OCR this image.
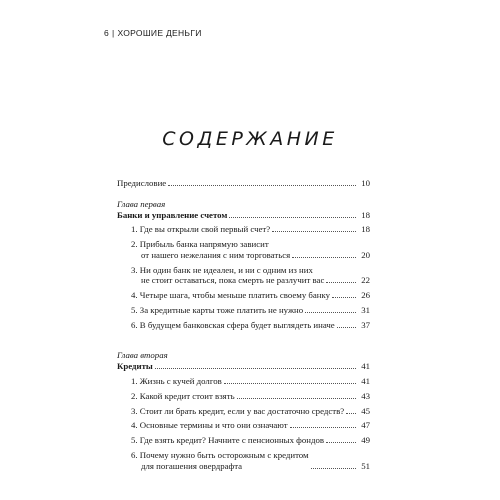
6 | ХОРОШИЕ ДЕНЬГИ
СОДЕРЖАНИЕ
Предисловие	10
Глава первая
Банки и управление счетом	18
1. Где вы открыли свой первый счет?	18
2. Прибыль банка напрямую зависит
от нашего нежелания с ним торговаться	20
3. Ни один банк не идеален, и ни с одним из них
не стоит оставаться, пока смерть не разлучит вас	22
4. Четыре шага, чтобы меньше платить своему банку	26
5. За кредитные карты тоже платить не нужно	31
6. В будущем банковская сфера будет выглядеть иначе	37
Глава вторая
Кредиты	41
1. Жизнь с кучей долгов	41
2. Какой кредит стоит взять	43
3. Стоит ли брать кредит, если у вас достаточно средств?	45
4. Основные термины и что они означают	47
5. Где взять кредит? Начните с пенсионных фондов	49
6. Почему нужно быть осторожным с кредитом
для погашения овердрафта	51
